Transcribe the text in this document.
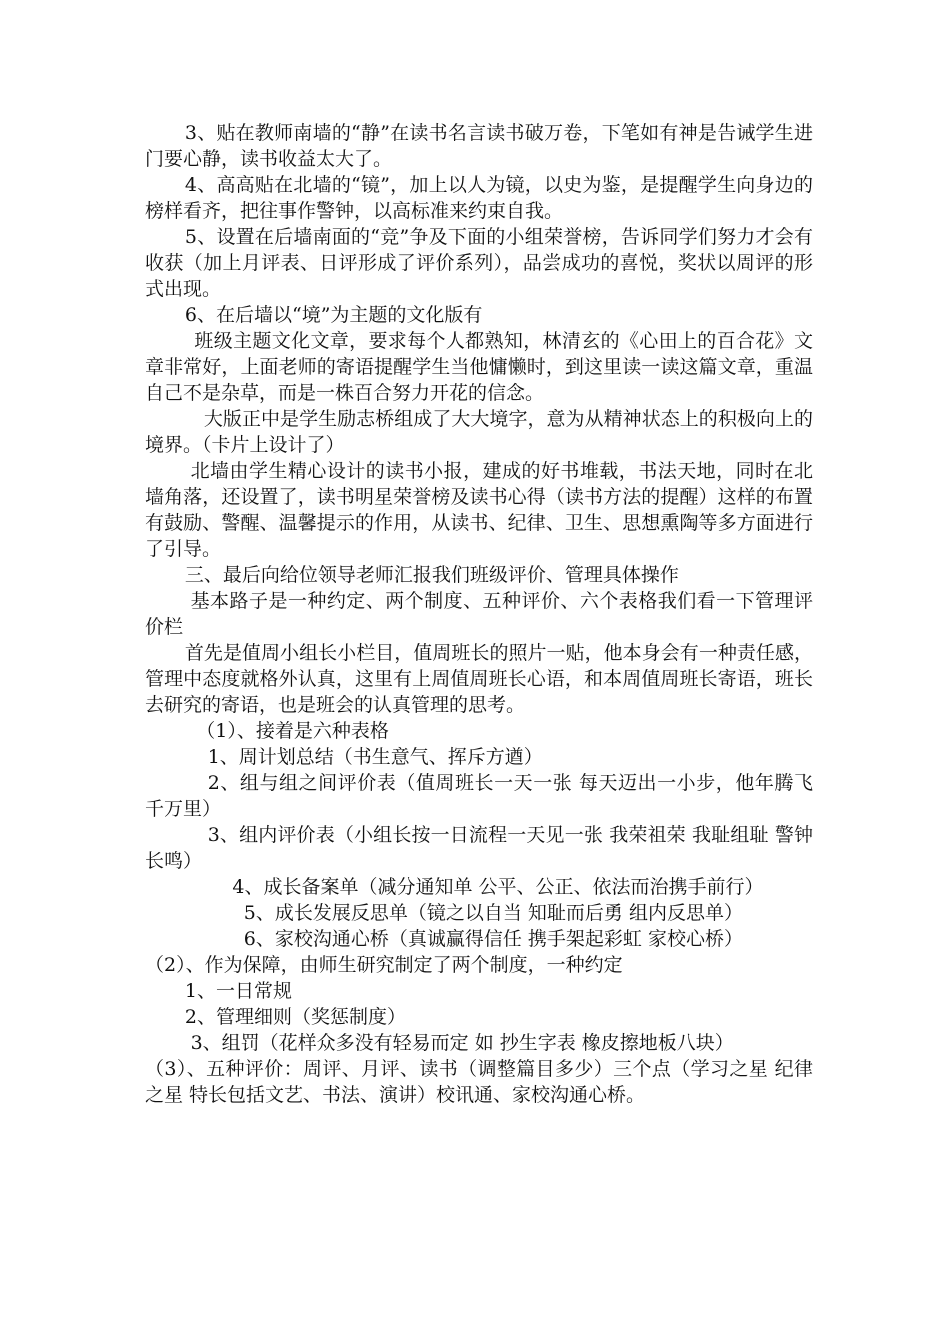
3、贴在教师南墙的“静”在读书名言读书破万卷，下笔如有神是告诫学生进门要心静，读书收益太大了。

4、高高贴在北墙的“镜”，加上以人为镜，以史为鉴，是提醒学生向身边的榜样看齐，把往事作警钟，以高标准来约束自我。

5、设置在后墙南面的“竞”争及下面的小组荣誉榜，告诉同学们努力才会有收获（加上月评表、日评形成了评价系列），品尝成功的喜悦，奖状以周评的形式出现。

6、在后墙以“境”为主题的文化版有

班级主题文化文章，要求每个人都熟知，林清玄的《心田上的百合花》文章非常好，上面老师的寄语提醒学生当他慵懒时，到这里读一读这篇文章，重温自己不是杂草，而是一株百合努力开花的信念。

大版正中是学生励志桥组成了大大境字，意为从精神状态上的积极向上的境界。（卡片上设计了）

北墙由学生精心设计的读书小报，建成的好书堆载，书法天地，同时在北墙角落，还设置了，读书明星荣誉榜及读书心得（读书方法的提醒）这样的布置有鼓励、警醒、温馨提示的作用，从读书、纪律、卫生、思想熏陶等多方面进行了引导。

三、最后向给位领导老师汇报我们班级评价、管理具体操作

基本路子是一种约定、两个制度、五种评价、六个表格我们看一下管理评价栏

首先是值周小组长小栏目，值周班长的照片一贴，他本身会有一种责任感，管理中态度就格外认真，这里有上周值周班长心语，和本周值周班长寄语，班长去研究的寄语，也是班会的认真管理的思考。

（1）、接着是六种表格

1、周计划总结（书生意气、挥斥方遒）

2、组与组之间评价表（值周班长一天一张 每天迈出一小步，他年腾飞千万里）

3、组内评价表（小组长按一日流程一天见一张 我荣祖荣 我耻组耻 警钟长鸣）

4、成长备案单（减分通知单 公平、公正、依法而治携手前行）

5、成长发展反思单（镜之以自当 知耻而后勇 组内反思单）

6、家校沟通心桥（真诚赢得信任 携手架起彩虹 家校心桥）

（2）、作为保障，由师生研究制定了两个制度，一种约定

1、一日常规

2、管理细则（奖惩制度）

3、组罚（花样众多没有轻易而定 如 抄生字表 橡皮擦地板八块）

（3）、五种评价：周评、月评、读书（调整篇目多少）三个点（学习之星 纪律之星 特长包括文艺、书法、演讲）校讯通、家校沟通心桥。
